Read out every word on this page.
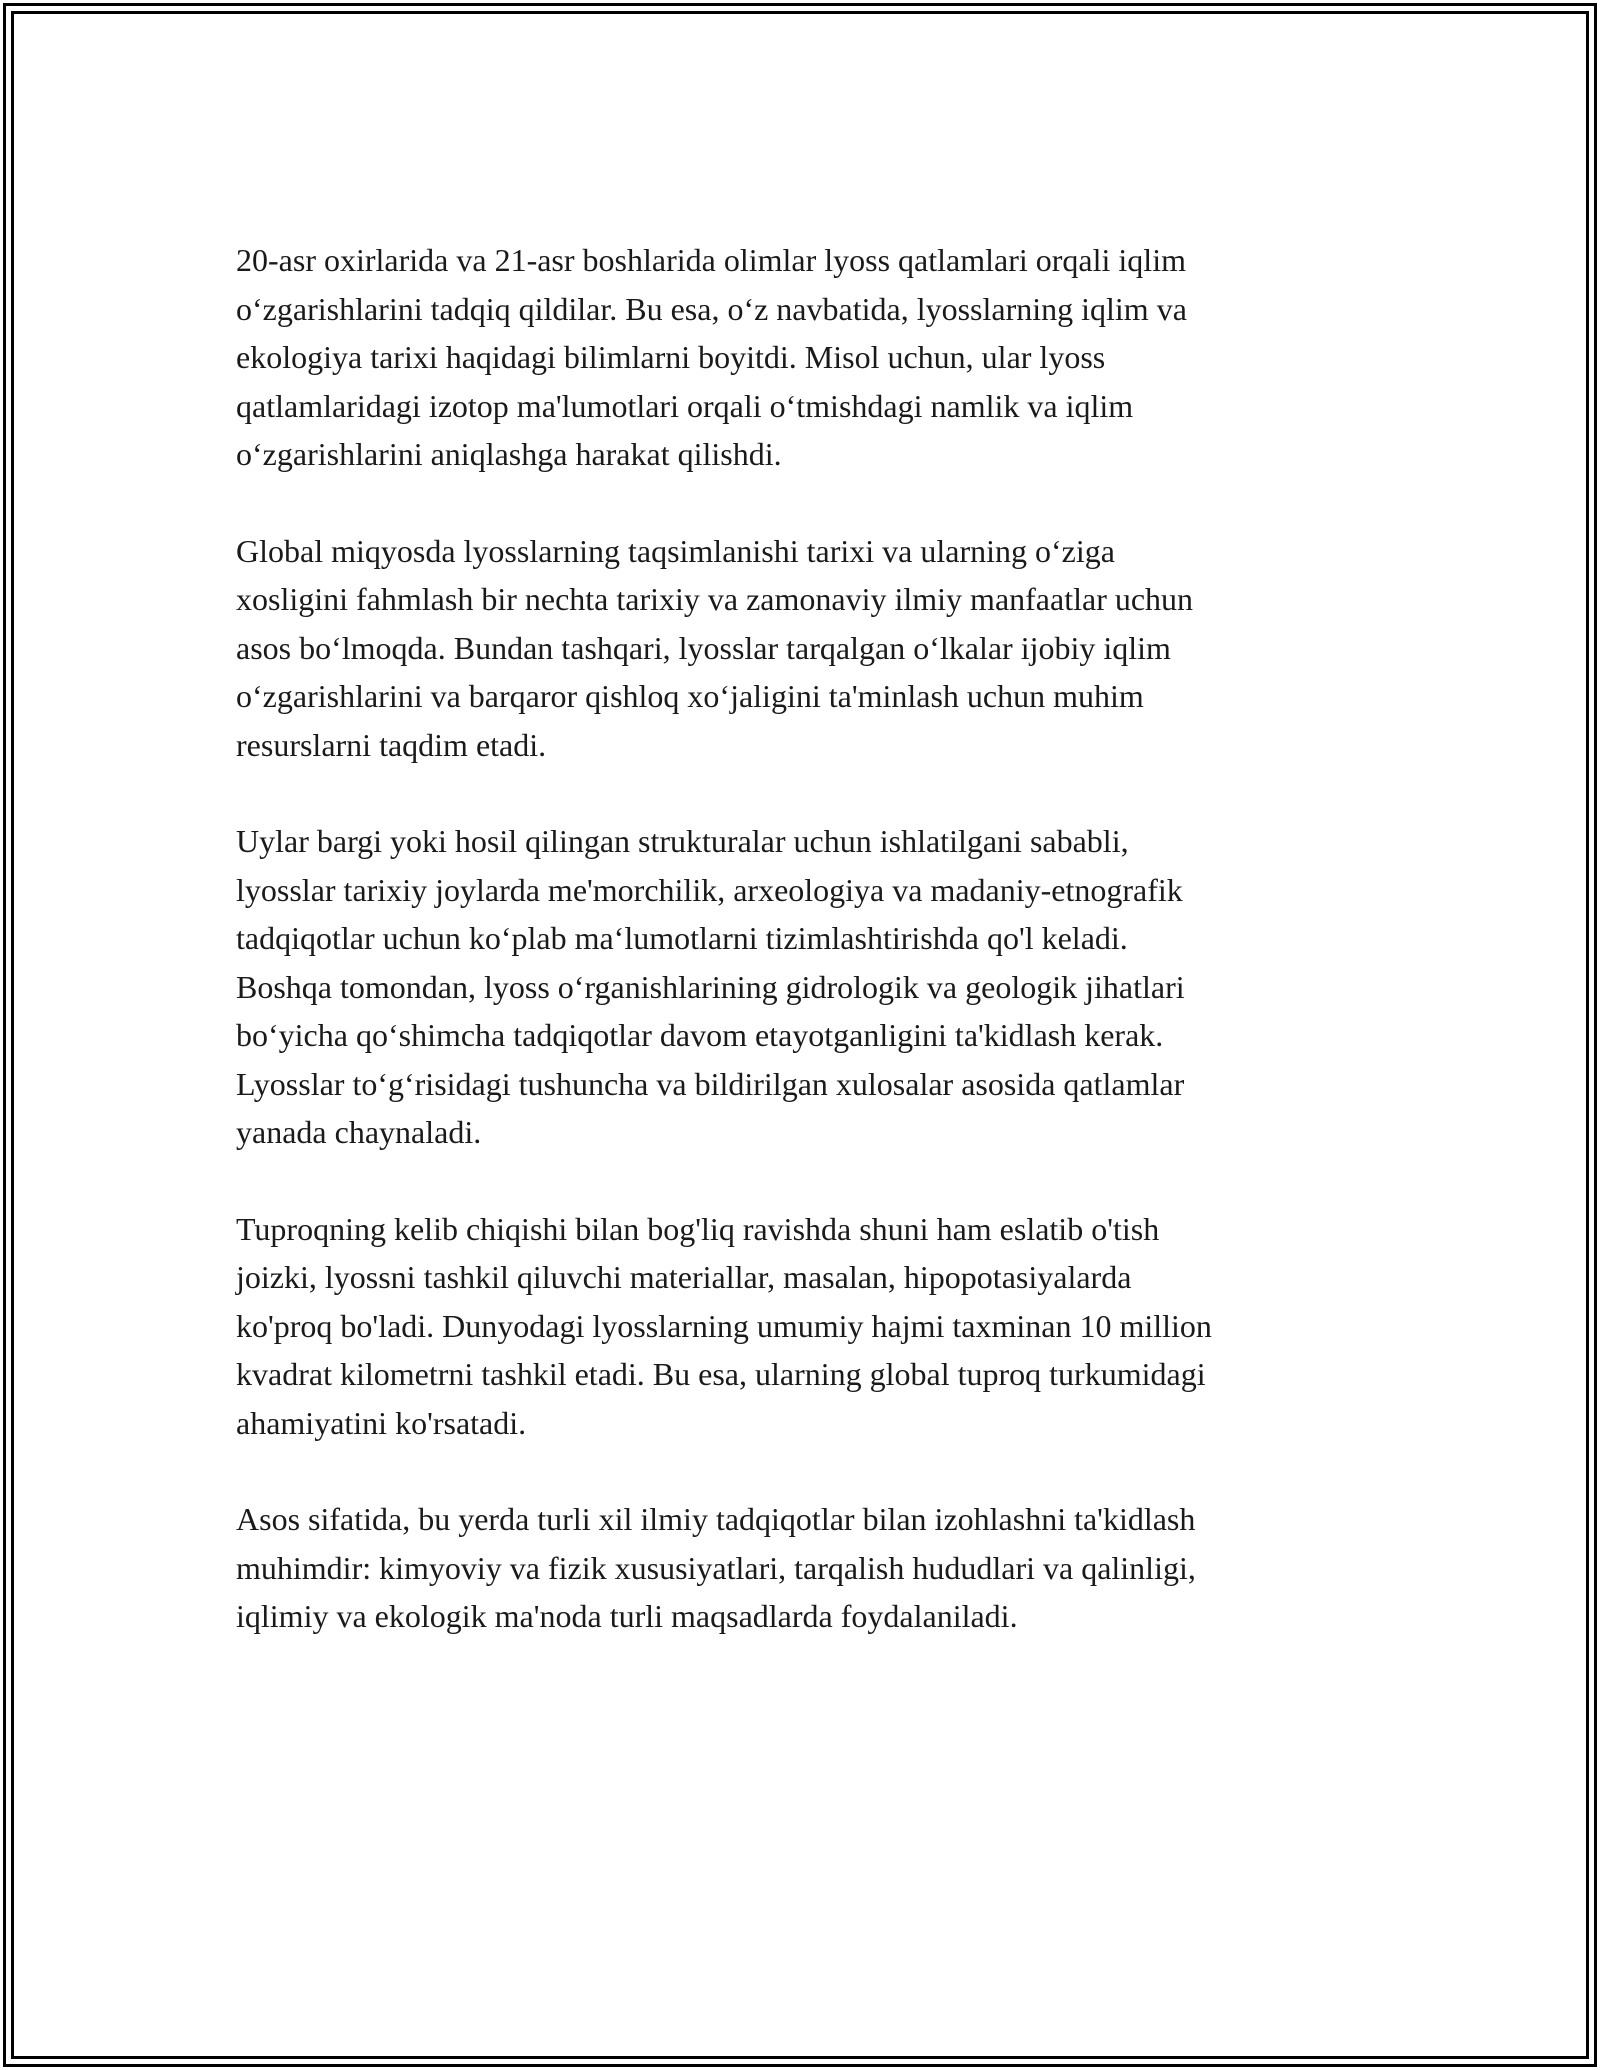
20-asr oxirlarida va 21-asr boshlarida olimlar lyoss qatlamlari orqali iqlim
o‘zgarishlarini tadqiq qildilar. Bu esa, o‘z navbatida, lyosslarning iqlim va
ekologiya tarixi haqidagi bilimlarni boyitdi. Misol uchun, ular lyoss
qatlamlaridagi izotop ma'lumotlari orqali o‘tmishdagi namlik va iqlim
o‘zgarishlarini aniqlashga harakat qilishdi.

Global miqyosda lyosslarning taqsimlanishi tarixi va ularning o‘ziga
xosligini fahmlash bir nechta tarixiy va zamonaviy ilmiy manfaatlar uchun
asos bo‘lmoqda. Bundan tashqari, lyosslar tarqalgan o‘lkalar ijobiy iqlim
o‘zgarishlarini va barqaror qishloq xo‘jaligini ta'minlash uchun muhim
resurslarni taqdim etadi.

Uylar bargi yoki hosil qilingan strukturalar uchun ishlatilgani sababli,
lyosslar tarixiy joylarda me'morchilik, arxeologiya va madaniy-etnografik
tadqiqotlar uchun ko‘plab ma‘lumotlarni tizimlashtirishda qo'l keladi.
Boshqa tomondan, lyoss o‘rganishlarining gidrologik va geologik jihatlari
bo‘yicha qo‘shimcha tadqiqotlar davom etayotganligini ta'kidlash kerak.
Lyosslar to‘g‘risidagi tushuncha va bildirilgan xulosalar asosida qatlamlar
yanada chaynaladi.

Tuproqning kelib chiqishi bilan bog'liq ravishda shuni ham eslatib o'tish
joizki, lyossni tashkil qiluvchi materiallar, masalan, hipopotasiyalarda
ko'proq bo'ladi. Dunyodagi lyosslarning umumiy hajmi taxminan 10 million
kvadrat kilometrni tashkil etadi. Bu esa, ularning global tuproq turkumidagi
ahamiyatini ko'rsatadi.

Asos sifatida, bu yerda turli xil ilmiy tadqiqotlar bilan izohlashni ta'kidlash
muhimdir: kimyoviy va fizik xususiyatlari, tarqalish hududlari va qalinligi,
iqlimiy va ekologik ma'noda turli maqsadlarda foydalaniladi.
